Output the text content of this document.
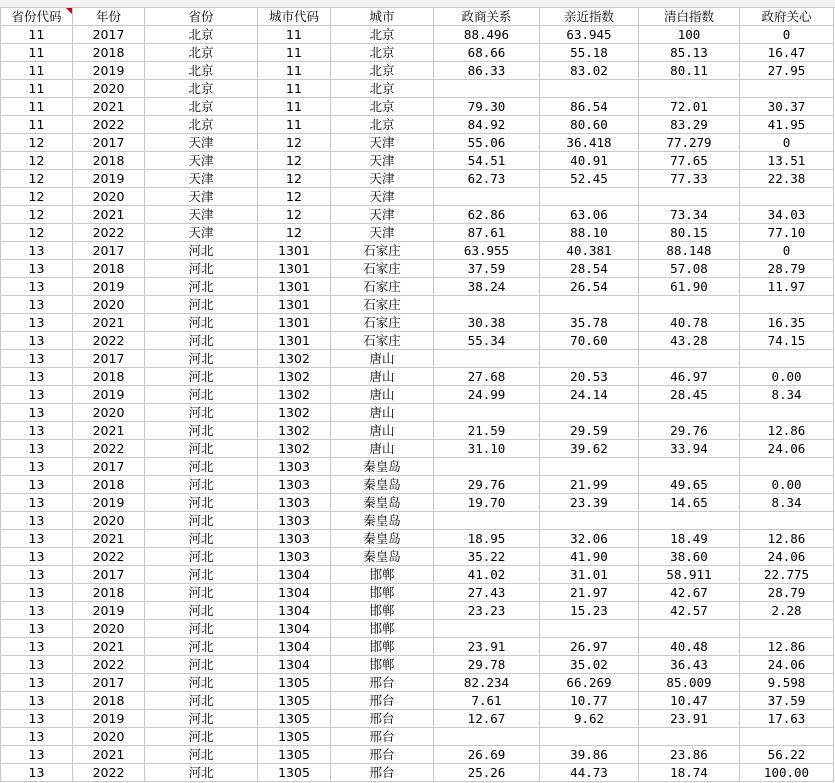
省份代码	年份	省份	城市代码	城市	政商关系	亲近指数	清白指数	政府关心
11	2017	北京	11	北京	88.496	63.945	100	0
11	2018	北京	11	北京	68.66	55.18	85.13	16.47
11	2019	北京	11	北京	86.33	83.02	80.11	27.95
11	2020	北京	11	北京				
11	2021	北京	11	北京	79.30	86.54	72.01	30.37
11	2022	北京	11	北京	84.92	80.60	83.29	41.95
12	2017	天津	12	天津	55.06	36.418	77.279	0
12	2018	天津	12	天津	54.51	40.91	77.65	13.51
12	2019	天津	12	天津	62.73	52.45	77.33	22.38
12	2020	天津	12	天津				
12	2021	天津	12	天津	62.86	63.06	73.34	34.03
12	2022	天津	12	天津	87.61	88.10	80.15	77.10
13	2017	河北	1301	石家庄	63.955	40.381	88.148	0
13	2018	河北	1301	石家庄	37.59	28.54	57.08	28.79
13	2019	河北	1301	石家庄	38.24	26.54	61.90	11.97
13	2020	河北	1301	石家庄				
13	2021	河北	1301	石家庄	30.38	35.78	40.78	16.35
13	2022	河北	1301	石家庄	55.34	70.60	43.28	74.15
13	2017	河北	1302	唐山				
13	2018	河北	1302	唐山	27.68	20.53	46.97	0.00
13	2019	河北	1302	唐山	24.99	24.14	28.45	8.34
13	2020	河北	1302	唐山				
13	2021	河北	1302	唐山	21.59	29.59	29.76	12.86
13	2022	河北	1302	唐山	31.10	39.62	33.94	24.06
13	2017	河北	1303	秦皇岛				
13	2018	河北	1303	秦皇岛	29.76	21.99	49.65	0.00
13	2019	河北	1303	秦皇岛	19.70	23.39	14.65	8.34
13	2020	河北	1303	秦皇岛				
13	2021	河北	1303	秦皇岛	18.95	32.06	18.49	12.86
13	2022	河北	1303	秦皇岛	35.22	41.90	38.60	24.06
13	2017	河北	1304	邯郸	41.02	31.01	58.911	22.775
13	2018	河北	1304	邯郸	27.43	21.97	42.67	28.79
13	2019	河北	1304	邯郸	23.23	15.23	42.57	2.28
13	2020	河北	1304	邯郸				
13	2021	河北	1304	邯郸	23.91	26.97	40.48	12.86
13	2022	河北	1304	邯郸	29.78	35.02	36.43	24.06
13	2017	河北	1305	邢台	82.234	66.269	85.009	9.598
13	2018	河北	1305	邢台	7.61	10.77	10.47	37.59
13	2019	河北	1305	邢台	12.67	9.62	23.91	17.63
13	2020	河北	1305	邢台				
13	2021	河北	1305	邢台	26.69	39.86	23.86	56.22
13	2022	河北	1305	邢台	25.26	44.73	18.74	100.00
